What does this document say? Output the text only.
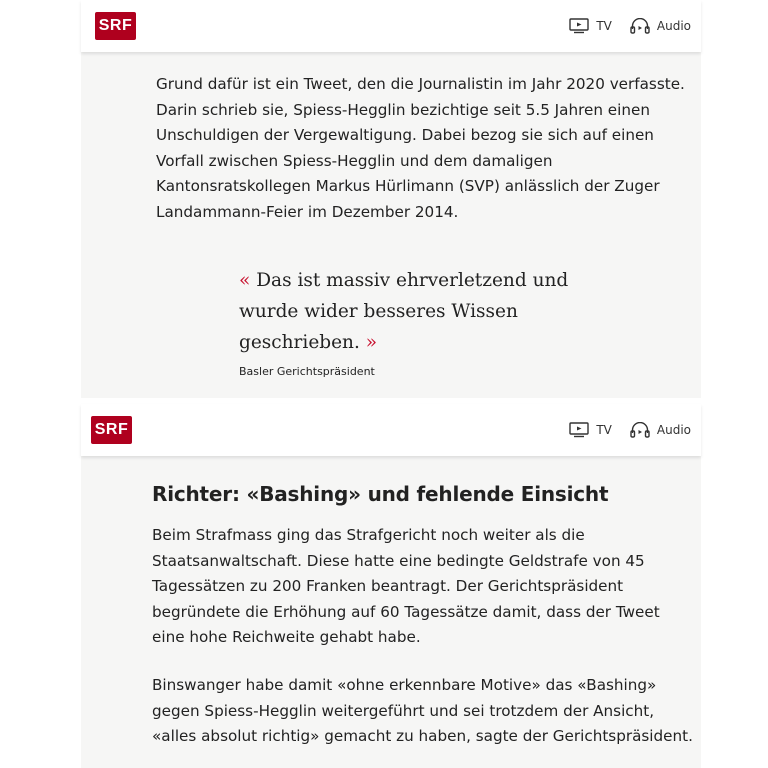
SRF	TV	Audio

Grund dafür ist ein Tweet, den die Journalistin im Jahr 2020 verfasste. Darin schrieb sie, Spiess-Hegglin bezichtige seit 5.5 Jahren einen Unschuldigen der Vergewaltigung. Dabei bezog sie sich auf einen Vorfall zwischen Spiess-Hegglin und dem damaligen Kantonsratskollegen Markus Hürlimann (SVP) anlässlich der Zuger Landammann-Feier im Dezember 2014.

« Das ist massiv ehrverletzend und wurde wider besseres Wissen geschrieben. »
Basler Gerichtspräsident
SRF	TV	Audio
Richter: «Bashing» und fehlende Einsicht

Beim Strafmass ging das Strafgericht noch weiter als die Staatsanwaltschaft. Diese hatte eine bedingte Geldstrafe von 45 Tagessätzen zu 200 Franken beantragt. Der Gerichtspräsident begründete die Erhöhung auf 60 Tagessätze damit, dass der Tweet eine hohe Reichweite gehabt habe.

Binswanger habe damit «ohne erkennbare Motive» das «Bashing» gegen Spiess-Hegglin weitergeführt und sei trotzdem der Ansicht, «alles absolut richtig» gemacht zu haben, sagte der Gerichtspräsident.
